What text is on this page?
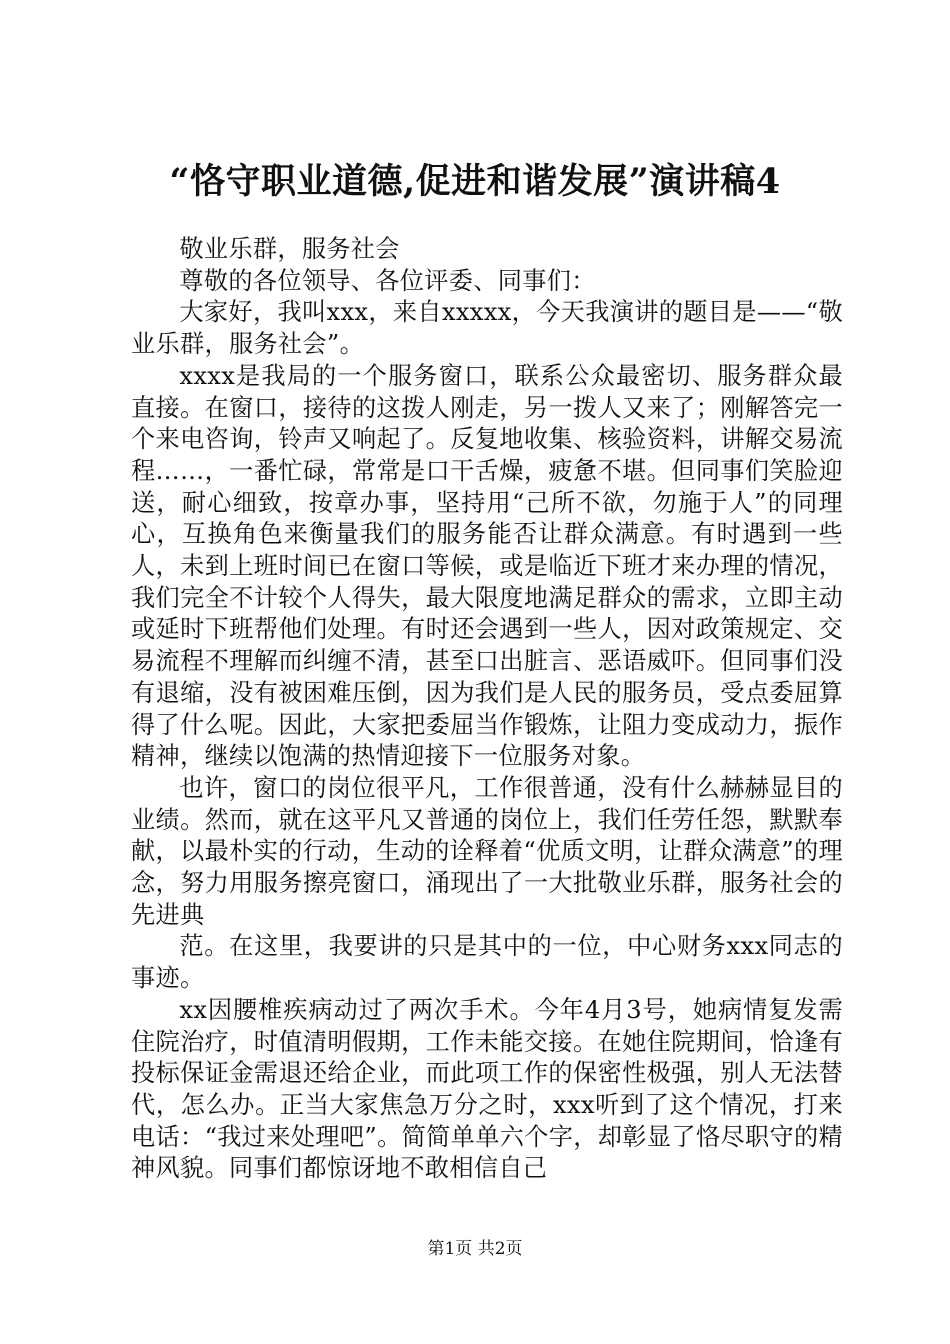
“恪守职业道德,促进和谐发展”演讲稿4

敬业乐群，服务社会

尊敬的各位领导、各位评委、同事们：

大家好，我叫xxx，来自xxxxx，今天我演讲的题目是——“敬业乐群，服务社会”。

xxxx是我局的一个服务窗口，联系公众最密切、服务群众最直接。在窗口，接待的这拨人刚走，另一拨人又来了；刚解答完一个来电咨询，铃声又响起了。反复地收集、核验资料，讲解交易流程……，一番忙碌，常常是口干舌燥，疲惫不堪。但同事们笑脸迎送，耐心细致，按章办事，坚持用“己所不欲，勿施于人”的同理心，互换角色来衡量我们的服务能否让群众满意。有时遇到一些人，未到上班时间已在窗口等候，或是临近下班才来办理的情况，我们完全不计较个人得失，最大限度地满足群众的需求，立即主动或延时下班帮他们处理。有时还会遇到一些人，因对政策规定、交易流程不理解而纠缠不清，甚至口出脏言、恶语威吓。但同事们没有退缩，没有被困难压倒，因为我们是人民的服务员，受点委屈算得了什么呢。因此，大家把委屈当作锻炼，让阻力变成动力，振作精神，继续以饱满的热情迎接下一位服务对象。

也许，窗口的岗位很平凡，工作很普通，没有什么赫赫显目的业绩。然而，就在这平凡又普通的岗位上，我们任劳任怨，默默奉献，以最朴实的行动，生动的诠释着“优质文明，让群众满意”的理念，努力用服务擦亮窗口，涌现出了一大批敬业乐群，服务社会的先进典

范。在这里，我要讲的只是其中的一位，中心财务xxx同志的事迹。

xx因腰椎疾病动过了两次手术。今年4月3号，她病情复发需住院治疗，时值清明假期，工作未能交接。在她住院期间，恰逢有投标保证金需退还给企业，而此项工作的保密性极强，别人无法替代，怎么办。正当大家焦急万分之时，xxx听到了这个情况，打来电话：“我过来处理吧”。简简单单六个字，却彰显了恪尽职守的精神风貌。同事们都惊讶地不敢相信自己

第1页 共2页
